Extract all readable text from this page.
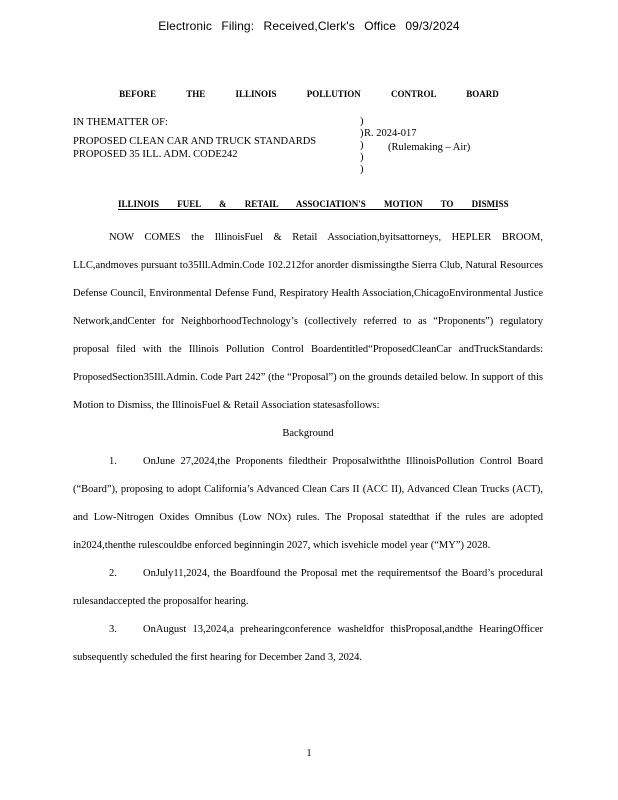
Electronic Filing: Received,Clerk's Office 09/3/2024
BEFORE THE ILLINOIS POLLUTION CONTROL BOARD
IN THEMATTER OF:
PROPOSED CLEAN CAR AND TRUCK STANDARDS
PROPOSED 35 ILL. ADM. CODE242
)
)
)
)
)
R. 2024-017
(Rulemaking – Air)
ILLINOIS FUEL & RETAIL ASSOCIATION'S MOTION TO DISMISS

NOW COMES the IllinoisFuel & Retail Association,byitsattorneys, HEPLER BROOM, LLC,andmoves pursuant to35Ill.Admin.Code 102.212for anorder dismissingthe Sierra Club, Natural Resources Defense Council, Environmental Defense Fund, Respiratory Health Association,ChicagoEnvironmental Justice Network,andCenter for NeighborhoodTechnology’s (collectively referred to as “Proponents”) regulatory proposal filed with the Illinois Pollution Control Boardentitled“ProposedCleanCar andTruckStandards: ProposedSection35Ill.Admin. Code Part 242” (the “Proposal”) on the grounds detailed below. In support of this Motion to Dismiss, the IllinoisFuel & Retail Association statesasfollows:

Background

1. OnJune 27,2024,the Proponents filedtheir Proposalwiththe IllinoisPollution Control Board (“Board”), proposing to adopt California’s Advanced Clean Cars II (ACC II), Advanced Clean Trucks (ACT), and Low-Nitrogen Oxides Omnibus (Low NOx) rules. The Proposal statedthat if the rules are adopted in2024,thenthe rulescouldbe enforced beginningin 2027, which isvehicle model year (“MY”) 2028.

2. OnJuly11,2024, the Boardfound the Proposal met the requirementsof the Board’s procedural rulesandaccepted the proposalfor hearing.

3. OnAugust 13,2024,a prehearingconference washeldfor thisProposal,andthe HearingOfficer subsequently scheduled the first hearing for December 2and 3, 2024.

1
